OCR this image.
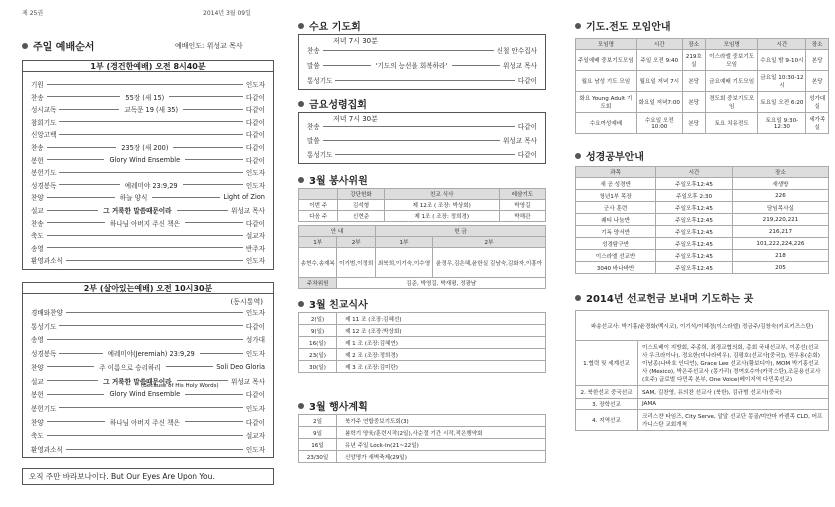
제 25권
주일 예배순서	예배인도: 위성교 목사
1부 (경건한예배) 오전 8시40분
기원	인도자
찬송	55장 (새 15)	다같이
성시교독	교독문 19 (새 35)	다같이
참회기도	다같이
신앙고백	다같이
찬송	235장 (새 200)	다같이
봉헌	Glory Wind Ensemble	다같이
봉헌기도	인도자
성경봉독	예레미야 23:9,29	인도자
찬양	하늘 양식	Light of Zion
설교	그 거룩한 말씀때문이라	위성교 목사
찬송	하나님 아버지 주신 책은	다같이
축도	설교자
송영	반주자
환영과소식	인도자
2부 (살아있는예배) 오전 10시30분
(동시통역)
경배와찬양	인도자
통성기도	다같이
송영	성가대
성경봉독	예레미야(Jeremiah) 23:9,29	인도자
찬양	주 이름으로 승리하리	Soli Deo Gloria
설교	그 거룩한 말씀때문이라	위성교 목사
(Because of His Holy Words)
봉헌	Glory Wind Ensemble	다같이
봉헌기도	인도자
찬양	하나님 아버지 주신 책은	다같이
축도	설교자
환영과소식	인도자
오직 주만 바라보나이다. But Our Eyes Are Upon You.
수요 기도회
저녁 7시 30분
찬송	신철 안수집사
말씀	'기도의 능선을 회복하라'	위성교 목사
통성기도	다같이
금요성령집회
저녁 7시 30분
찬송	다같이
말씀	위성교 목사
통성기도	다같이
3월 봉사위원
	강단헌화	친교 식사	레샴기도
이번 주	김석형	제 12조 ( 조장: 박상회)	박영길
다음 주	신현준	제 1조 ( 조장: 정희경)	박해관
안 내		헌 금	
1부	2부	1부	2부
송현수,송재복	이기범,이정희	최북희,이기숙,이수영	윤정우,김은혜,윤한실 김남숙,김화자,이흥아
주차위원	김준, 박영길, 박재평, 정광남		
3월 친교식사
2(일)	제 11 조 (조장:김혜선)
9(일)	제 12 조 (조장:박상회)
16(일)	제 1 조 (조장:김혜연)
23(일)	제 2 조 (조장:정희경)
30(일)	제 3 조 (조장:김미란)
3월 행사계획
2일	북가주 연합중보기도회(3)
9일	봄학기 양육/훈련시작(2일),사순절 기간 시작,적은행약회
16일	유년 주일 Lock-In(21~22일)
23/30일	신앙명가 새벽축제(29일)
2014년 3월 09일
기도.전도 모임안내
모임명	시간	장소	모임명	시간	장소
주일예배 중보기도모임	주일 오전 9:40	219호실	이스라엘 중보기도모임	수요일 밤 9-10시	본당
월요 남성 기도 모임	월요일 저녁 7시	본당	금요예배 기도모임	금요일 10:30-12시	본당
화요 Young Adult 기도회	화요일 저녁7:00	본당	경도회 중보기도모임	토요일 오전 6:20	성가대실
수요여성예배	수요일 오전 10:00	본당	토요 치유전도	토요일 9:30-12:30	세가족실
성경공부안내
과목	시간	장소
새 공 성경반	주일오후12:45	새생방
청년1부 목장	주일오후 2:30	226
군사 훈련	주일오후12:45	담임목사실
퀘티 나눔반	주일오후12:45	219,220,221
기독 양서반	주일오후12:45	216,217
성경탐구반	주일오후12:45	101,222,224,226
이스라엘 선교반	주일오후12:45	218
3040 바나바반	주일오후12:45	205
2014년 선교헌금 보내며 기도하는 곳
파송선교사: 박기홍/윤경화(멕시코), 이기석/이혜경(이스라엘) 정금주/김창숙(키르키즈스탄)	
1.협력 및 세계선교	이스트베이 지방회, 주종희, 최경교협의회, 총회 국내선교부, 이종선(선교사 우크라이나), 정요한(미나라비우), 김평호(선교사[중국]), 원우용(순회) 이남종(나바호 인디언), Grace Lee 선교사(황보디아), MOM 박기홍선교사 (Mexico), 박은주선교사 (몽가리) 정여호수아(카작스탄),조문용선교사(호주) 글로벌 다민족 본부, One Voice(베이지역 다민족선교)
2. 북한선교 중국선교	SAM, 김찬영, 유의찬 선교사 (북한), 김규범 선교사(중국)
3. 장학선교	JAMA
4. 지역선교	크리스챤 타임즈, City Serve, 알알 선교단 몽골/미얀마 카렌족 CLD, 어프가니스탄 교회개척
